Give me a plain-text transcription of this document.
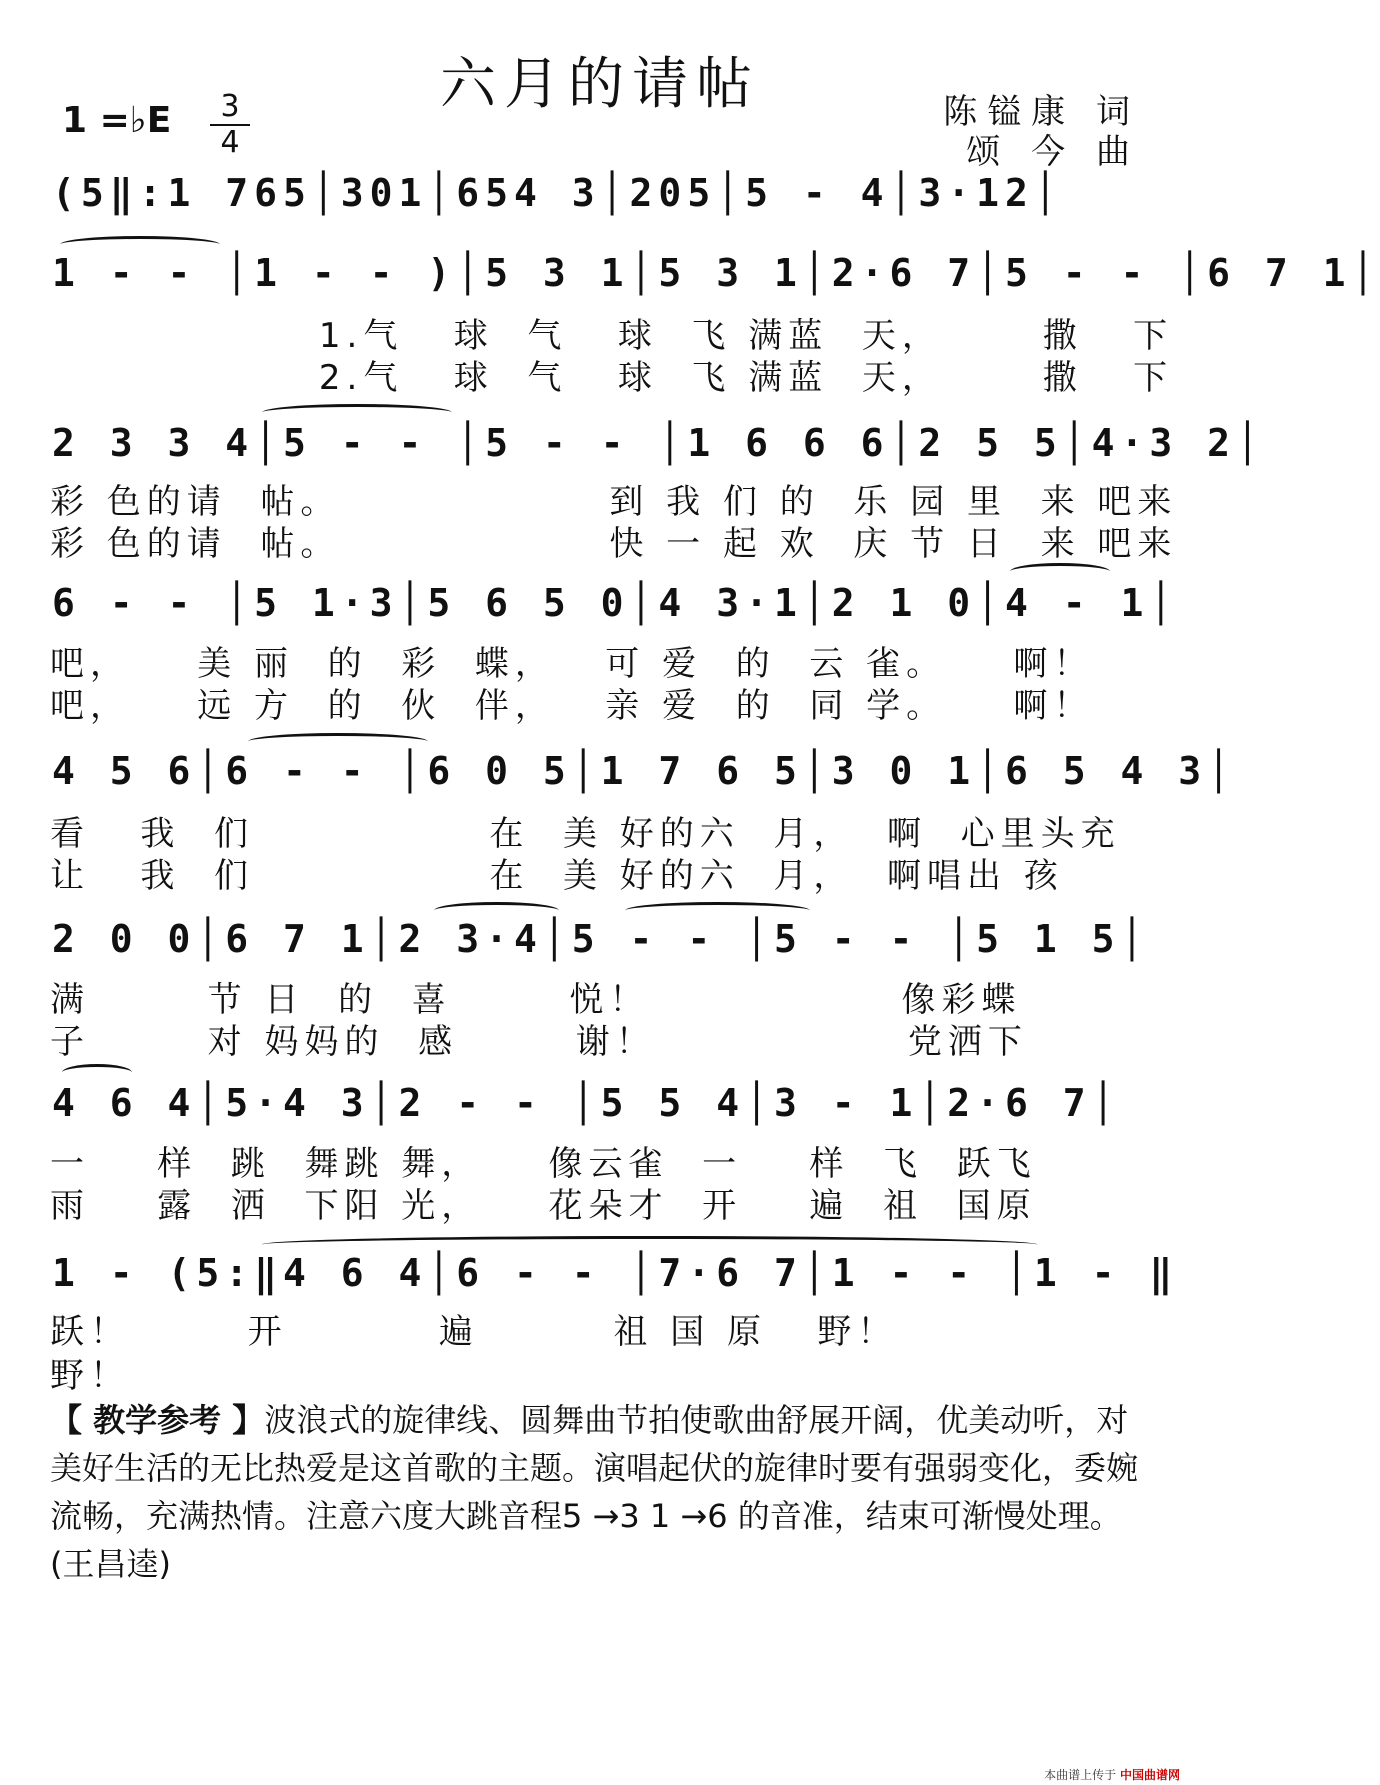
六月的请帖
1 =♭E	3
4
陈镒康 词
颂 今 曲
(5‖:1 765│301│654 3│205│5 - 4│3·12│
1 - - │1 - - )│5 3 1│5 3 1│2·6 7│5 - - │6 7 1│
1.气   球  气   球  飞 满蓝  天，      撒   下
2.气   球  气   球  飞 满蓝  天，      撒   下
2 3 3 4│5 - - │5 - - │1 6 6 6│2 5 5│4·3 2│
彩 色的请  帖。                到 我 们 的  乐 园 里  来 吧来
彩 色的请  帖。                快 一 起 欢  庆 节 日  来 吧来
6 - - │5 1·3│5 6 5 0│4 3·1│2 1 0│4 - 1│
吧，    美 丽  的  彩  蝶，   可 爱  的  云 雀。    啊！
吧，    远 方  的  伙  伴，   亲 爱  的  同 学。    啊！
4 5 6│6 - - │6 0 5│1 7 6 5│3 0 1│6 5 4 3│
看   我  们              在  美 好的六  月，  啊  心里头充
让   我  们              在  美 好的六  月，  啊唱出 孩
2 0 0│6 7 1│2 3·4│5 - - │5 - - │5 1 5│
满       节 日  的  喜       悦！               像彩蝶
子       对 妈妈的  感       谢！               党洒下
4 6 4│5·4 3│2 - - │5 5 4│3 - 1│2·6 7│
一    样  跳  舞跳 舞，    像云雀  一    样  飞  跃飞
雨    露  洒  下阳 光，    花朵才  开    遍  祖  国原
1 - (5:‖4 6 4│6 - - │7·6 7│1 - - │1 - ‖
跃！       开         遍        祖 国 原   野！
野！
【 教学参考 】波浪式的旋律线、圆舞曲节拍使歌曲舒展开阔，优美动听，对美好生活的无比热爱是这首歌的主题。演唱起伏的旋律时要有强弱变化，委婉流畅，充满热情。注意六度大跳音程5 →3 1 →6 的音准，结束可渐慢处理。(王昌逵)
本曲谱上传于 中国曲谱网
